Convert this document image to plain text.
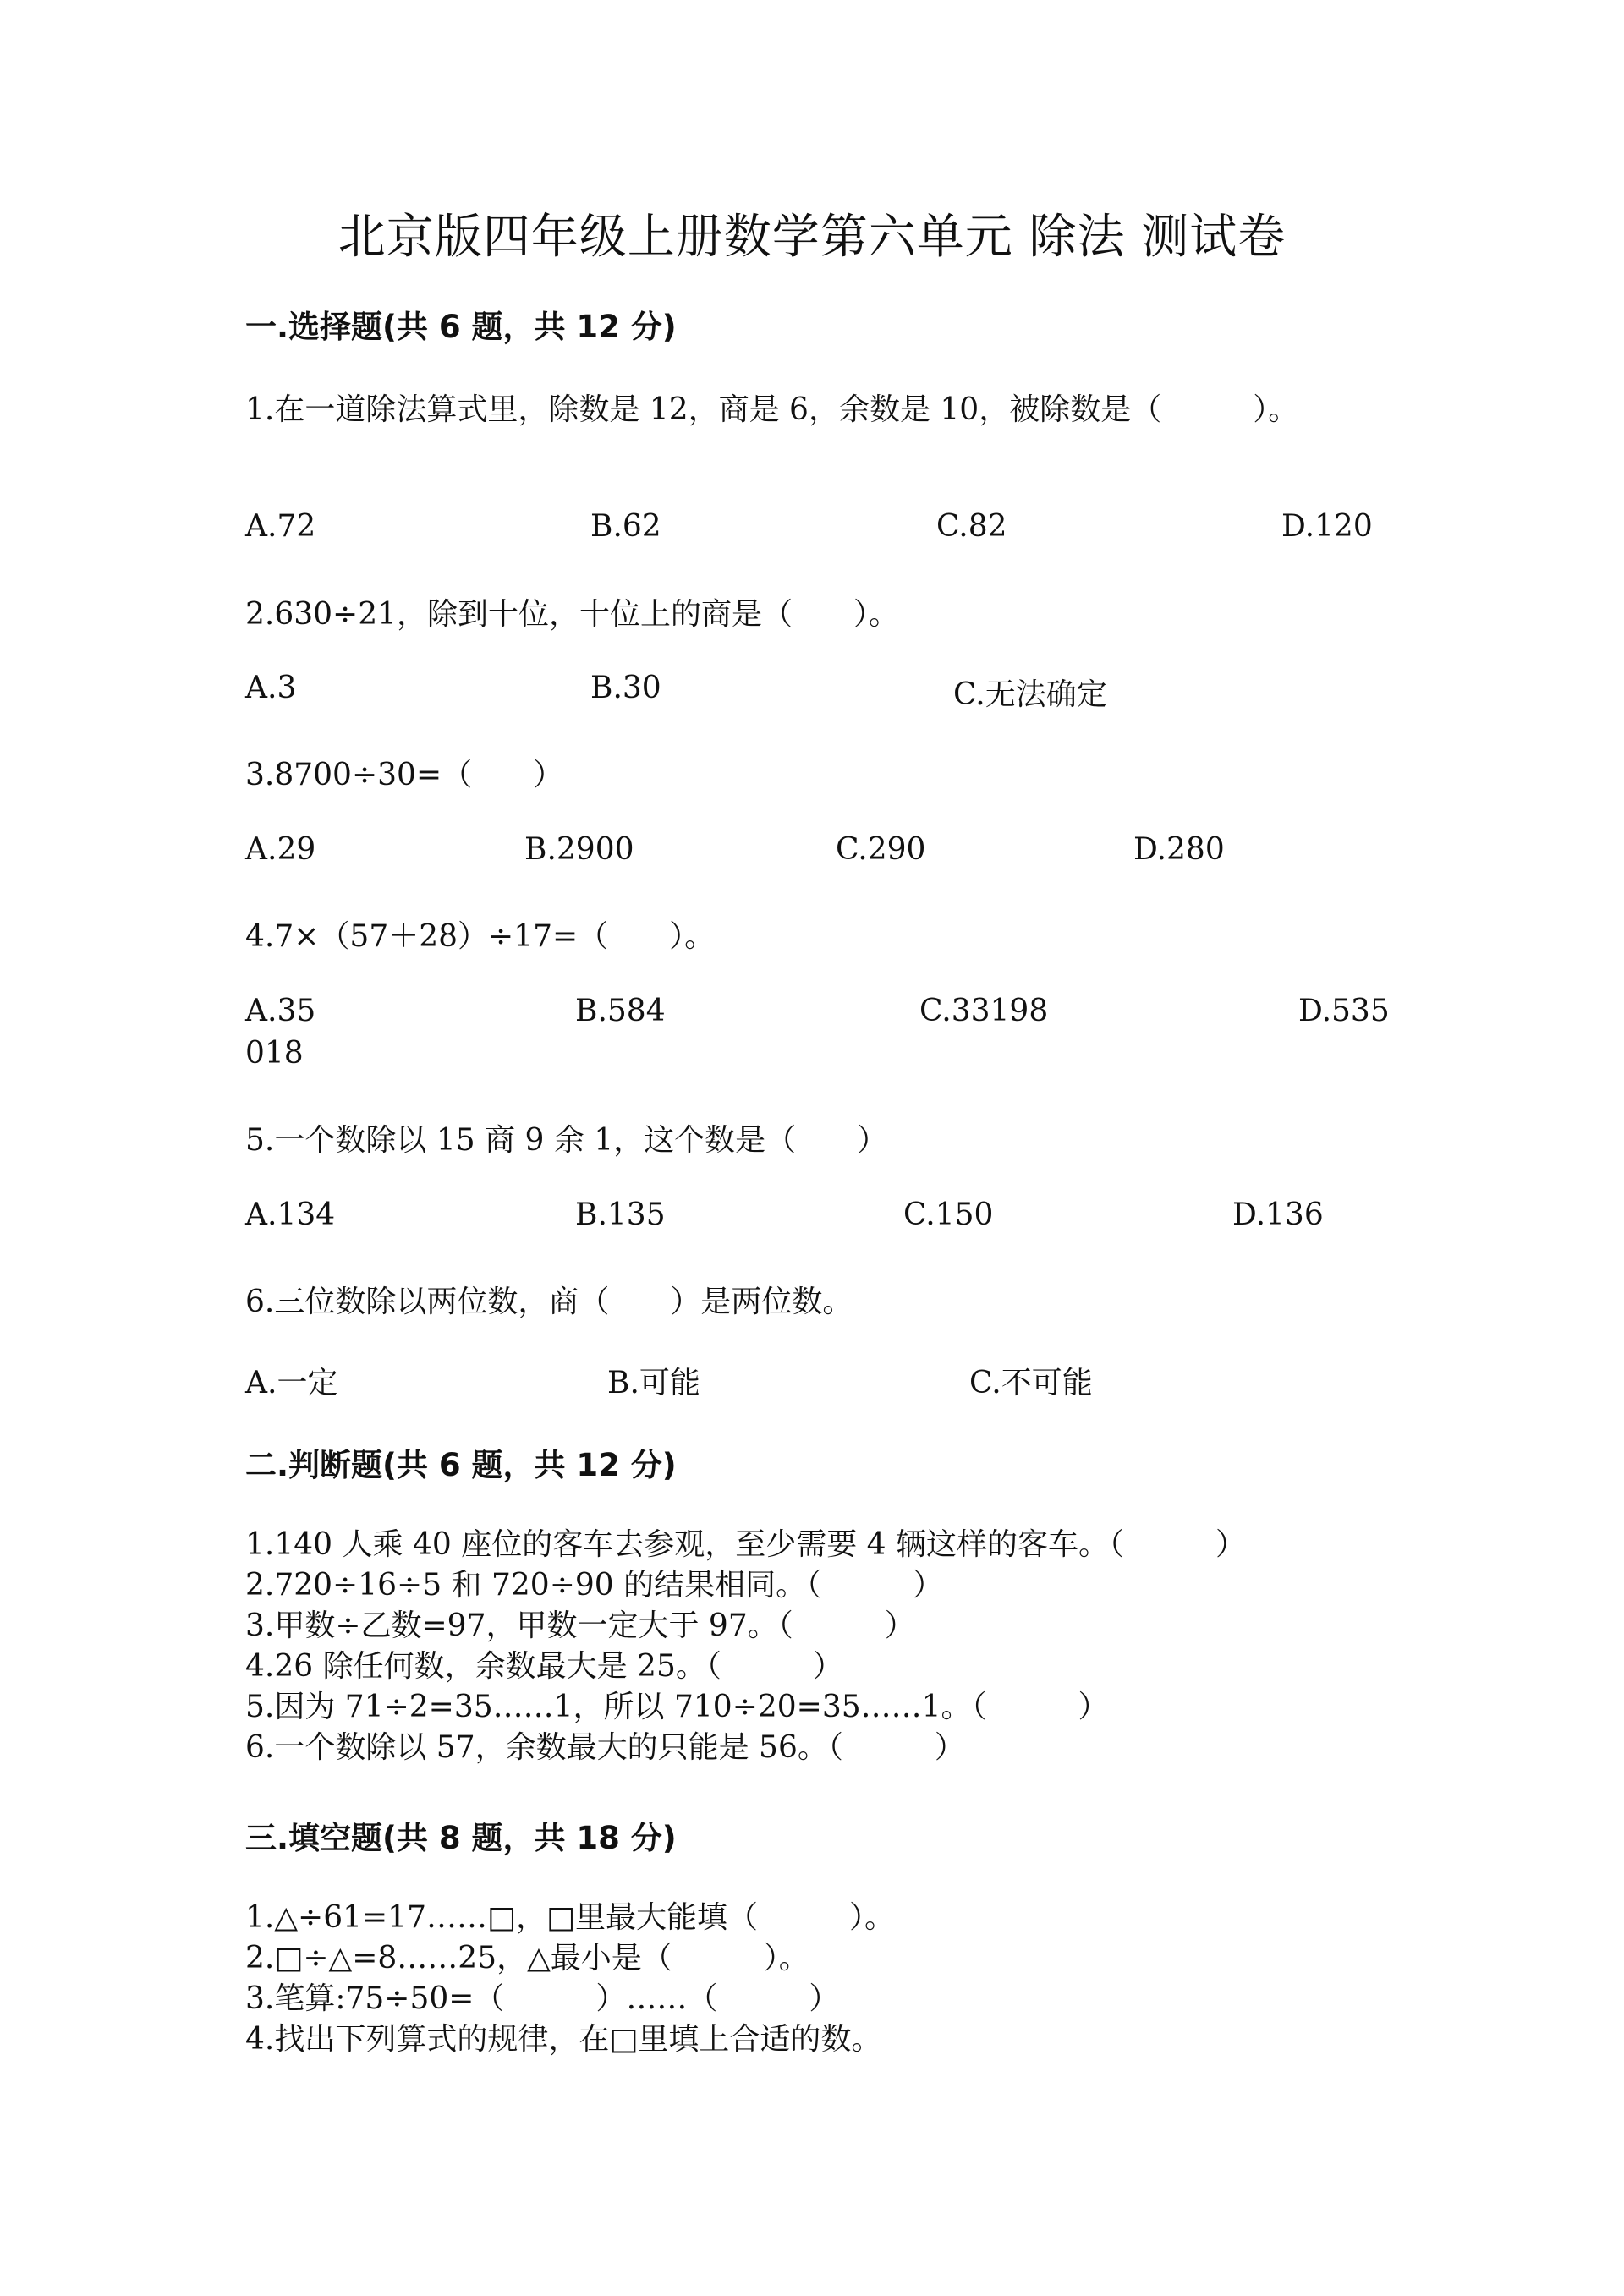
北京版四年级上册数学第六单元 除法 测试卷
一.选择题(共 6 题，共 12 分)
1.在一道除法算式里，除数是 12，商是 6，余数是 10，被除数是（　　　）。
A.72	B.62	C.82	D.120
2.630÷21，除到十位，十位上的商是（　　）。
A.3	B.30	C.无法确定
3.8700÷30=（　　）
A.29	B.2900	C.290	D.280
4.7×（57＋28）÷17=（　　）。
A.35	B.584	C.33198	D.535
018
5.一个数除以 15 商 9 余 1，这个数是（　　）
A.134	B.135	C.150	D.136
6.三位数除以两位数，商（　　）是两位数。
A.一定	B.可能	C.不可能
二.判断题(共 6 题，共 12 分)
1.140 人乘 40 座位的客车去参观，至少需要 4 辆这样的客车。（　　　）
2.720÷16÷5 和 720÷90 的结果相同。（　　　）
3.甲数÷乙数=97，甲数一定大于 97。（　　　）
4.26 除任何数，余数最大是 25。（　　　）
5.因为 71÷2=35……1，所以 710÷20=35……1。（　　　）
6.一个数除以 57，余数最大的只能是 56。（　　　）
三.填空题(共 8 题，共 18 分)
1.△÷61=17……□，□里最大能填（　　　）。
2.□÷△=8……25，△最小是（　　　）。
3.笔算:75÷50=（　　　）……（　　　）
4.找出下列算式的规律，在□里填上合适的数。
